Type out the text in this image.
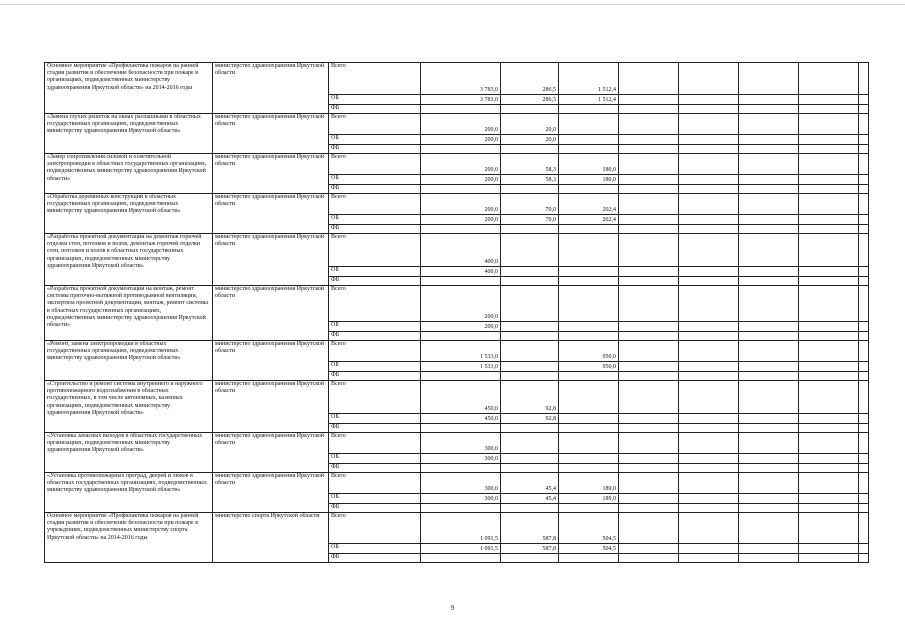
Основное мероприятие «Профилактика пожаров на ранней стадии развития и обеспечение безопасности при пожаре в организациях, подведомственных министерству здравоохранения Иркутской области» на 2014-2016 годы	министерство здравоохранения Иркутской области	Всего	3 783,0	286,5	1 512,4					
		ОБ	3 783,0	286,5	1 512,4					
		ФБ								
«Замена глухих решеток на окнах распашными в областных государственных организациях, подведомственных министерству здравоохранения Иркутской области»	министерство здравоохранения Иркутской области	Всего	200,0	20,0						
		ОБ	200,0	20,0						
		ФБ								
«Замер сопротивления силовой и осветительной электропроводки в областных государственных организациях, подведомственных министерству здравоохранения Иркутской области»	министерство здравоохранения Иркутской области	Всего	200,0	58,3	180,0					
		ОБ	200,0	58,3	180,0					
		ФБ								
«Обработка деревянных конструкций в областных государственных организациях, подведомственных министерству здравоохранения Иркутской области»	министерство здравоохранения Иркутской области	Всего	200,0	70,0	202,4					
		ОБ	200,0	70,0	202,4					
		ФБ								
«Разработка проектной документации на демонтаж горючей отделки стен, потолков и полов, демонтаж горючей отделки стен, потолков и полов в областных государственных организациях, подведомственных министерству здравоохранения Иркутской области»	министерство здравоохранения Иркутской области	Всего	400,0							
		ОБ	400,0							
		ФБ								
«Разработка проектной документации на монтаж, ремонт системы приточно-вытяжной противодымной вентиляции, экспертиза проектной документации, монтаж, ремонт системы в областных государственных организациях, подведомственных министерству здравоохранения Иркутской области»	министерство здравоохранения Иркутской области	Всего	200,0							
		ОБ	200,0							
		ФБ								
«Ремонт, замена электропроводки в областных государственных организациях, подведомственных министерству здравоохранения Иркутской области»	министерство здравоохранения Иркутской области	Всего	1 533,0		950,0					
		ОБ	1 533,0		950,0					
		ФБ								
«Строительство и ремонт системы внутреннего и наружного противопожарного водоснабжения в областных государственных, в том числе автономных, казенных организациях, подведомственных министерству здравоохранения Иркутской области»	министерство здравоохранения Иркутской области	Всего	450,0	92,8						
		ОБ	450,0	92,8						
		ФБ								
«Установка запасных выходов в областных государственных организациях, подведомственных министерству здравоохранения Иркутской области»	министерство здравоохранения Иркутской области	Всего	300,0							
		ОБ	300,0							
		ФБ								
«Установка противопожарных преград, дверей и люков в областных государственных организациях, подведомственных министерству здравоохранения Иркутской области»	министерство здравоохранения Иркутской области	Всего	300,0	45,4	189,0					
		ОБ	300,0	45,4	189,0					
		ФБ								
Основное мероприятие «Профилактика пожаров на ранней стадии развития и обеспечение безопасности при пожаре в учреждениях, подведомственных министерству спорта Иркутской области» на 2014-2016 годы	министерство спорта Иркутской области	Всего	1 091,5	587,8	504,5					
		ОБ	1 091,5	587,8	504,5					
		ФБ								
9
